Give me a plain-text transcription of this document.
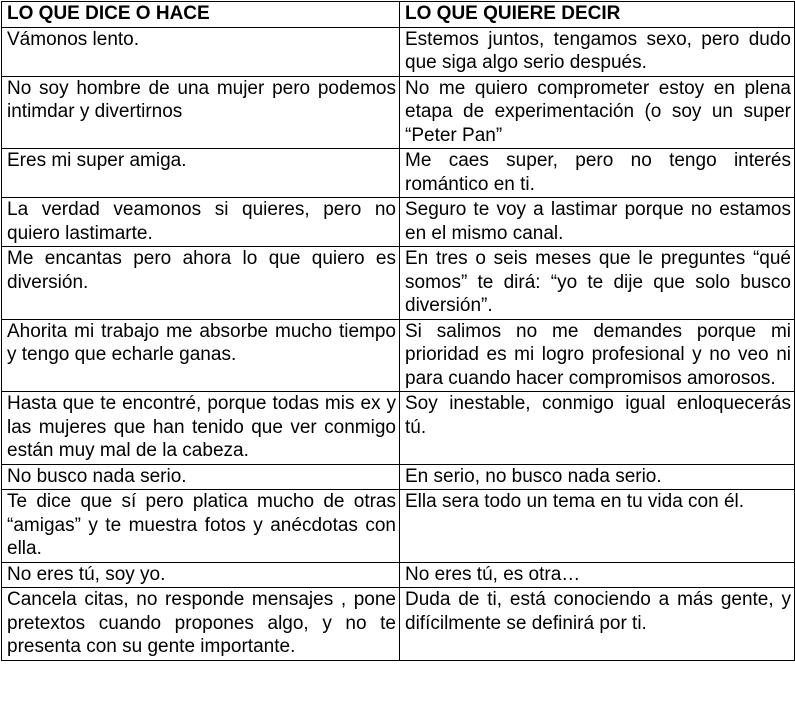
LO QUE DICE O HACE	LO QUE QUIERE DECIR
Vámonos lento.	Estemos juntos, tengamos sexo, pero dudo que siga algo serio después.
No soy hombre de una mujer pero podemos intimdar y divertirnos	No me quiero comprometer estoy en plena etapa de experimentación (o soy un super “Peter Pan”
Eres mi super amiga.	Me caes super, pero no tengo interés romántico en ti.
La verdad veamonos si quieres, pero no quiero lastimarte.	Seguro te voy a lastimar porque no estamos en el mismo canal.
Me encantas pero ahora lo que quiero es diversión.	En tres o seis meses que le preguntes “qué somos” te dirá: “yo te dije que solo busco diversión”.
Ahorita mi trabajo me absorbe mucho tiempo y tengo que echarle ganas.	Si salimos no me demandes porque mi prioridad es mi logro profesional y no veo ni para cuando hacer compromisos amorosos.
Hasta que te encontré, porque todas mis ex y las mujeres que han tenido que ver conmigo están muy mal de la cabeza.	Soy inestable, conmigo igual enloquecerás tú.
No busco nada serio.	En serio, no busco nada serio.
Te dice que sí pero platica mucho de otras “amigas” y te muestra fotos y anécdotas con ella.	Ella sera todo un tema en tu vida con él.
No eres tú, soy yo.	No eres tú, es otra…
Cancela citas, no responde mensajes , pone pretextos cuando propones algo, y no te presenta con su gente importante.	Duda de ti, está conociendo a más gente, y difícilmente se definirá por ti.
